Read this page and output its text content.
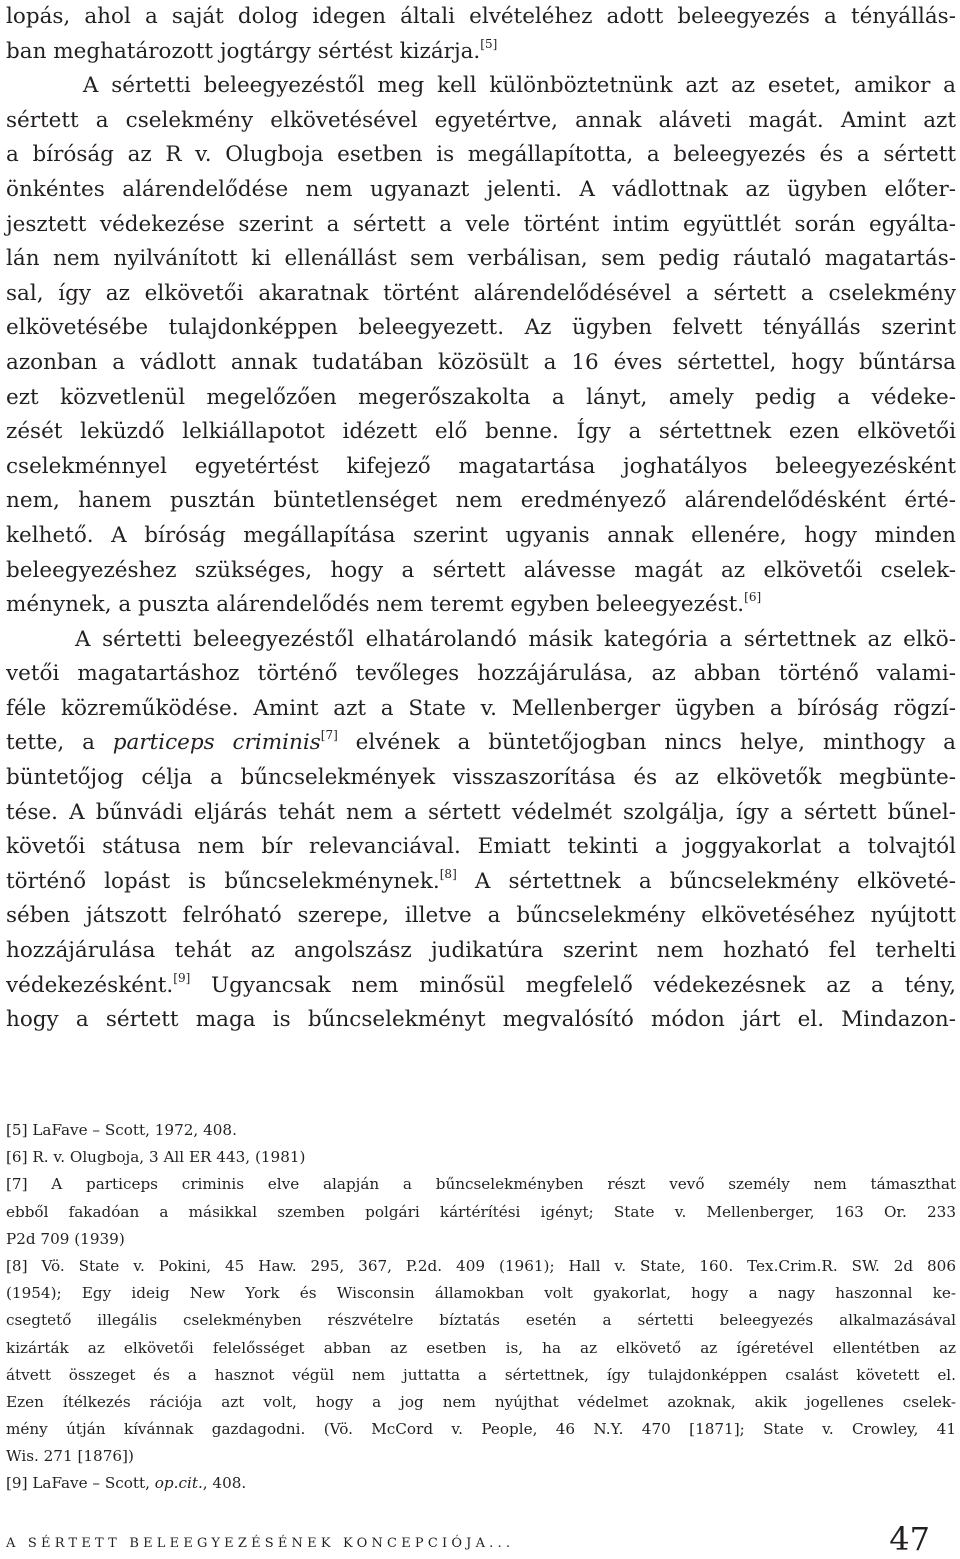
lopás, ahol a saját dolog idegen általi elvételéhez adott beleegyezés a tényállás-
ban meghatározott jogtárgy sértést kizárja.[5]
A sértetti beleegyezéstől meg kell különböztetnünk azt az esetet, amikor a
sértett a cselekmény elkövetésével egyetértve, annak aláveti magát. Amint azt
a bíróság az R v. Olugboja esetben is megállapította, a beleegyezés és a sértett
önkéntes alárendelődése nem ugyanazt jelenti. A vádlottnak az ügyben előter-
jesztett védekezése szerint a sértett a vele történt intim együttlét során egyálta-
lán nem nyilvánított ki ellenállást sem verbálisan, sem pedig ráutaló magatartás-
sal, így az elkövetői akaratnak történt alárendelődésével a sértett a cselekmény
elkövetésébe tulajdonképpen beleegyezett. Az ügyben felvett tényállás szerint
azonban a vádlott annak tudatában közösült a 16 éves sértettel, hogy bűntársa
ezt közvetlenül megelőzően megerőszakolta a lányt, amely pedig a védeke-
zését leküzdő lelkiállapotot idézett elő benne. Így a sértettnek ezen elkövetői
cselekménnyel egyetértést kifejező magatartása joghatályos beleegyezésként
nem, hanem pusztán büntetlenséget nem eredményező alárendelődésként érté-
kelhető. A bíróság megállapítása szerint ugyanis annak ellenére, hogy minden
beleegyezéshez szükséges, hogy a sértett alávesse magát az elkövetői cselek-
ménynek, a puszta alárendelődés nem teremt egyben beleegyezést.[6]
A sértetti beleegyezéstől elhatárolandó másik kategória a sértettnek az elkö-
vetői magatartáshoz történő tevőleges hozzájárulása, az abban történő valami-
féle közreműködése. Amint azt a State v. Mellenberger ügyben a bíróság rögzí-
tette, a particeps criminis[7] elvének a büntetőjogban nincs helye, minthogy a
büntetőjog célja a bűncselekmények visszaszorítása és az elkövetők megbünte-
tése. A bűnvádi eljárás tehát nem a sértett védelmét szolgálja, így a sértett bűnel-
követői státusa nem bír relevanciával. Emiatt tekinti a joggyakorlat a tolvajtól
történő lopást is bűncselekménynek.[8] A sértettnek a bűncselekmény elköveté-
sében játszott felróható szerepe, illetve a bűncselekmény elkövetéséhez nyújtott
hozzájárulása tehát az angolszász judikatúra szerint nem hozható fel terhelti
védekezésként.[9] Ugyancsak nem minősül megfelelő védekezésnek az a tény,
hogy a sértett maga is bűncselekményt megvalósító módon járt el. Mindazon-
[5] LaFave – Scott, 1972, 408.
[6] R. v. Olugboja, 3 All ER 443, (1981)
[7] A particeps criminis elve alapján a bűncselekményben részt vevő személy nem támaszthat
ebből fakadóan a másikkal szemben polgári kártérítési igényt; State v. Mellenberger, 163 Or. 233
P2d 709 (1939)
[8] Vö. State v. Pokini, 45 Haw. 295, 367, P.2d. 409 (1961); Hall v. State, 160. Tex.Crim.R. SW. 2d 806
(1954); Egy ideig New York és Wisconsin államokban volt gyakorlat, hogy a nagy haszonnal ke-
csegtető illegális cselekményben részvételre bíztatás esetén a sértetti beleegyezés alkalmazásával
kizárták az elkövetői felelősséget abban az esetben is, ha az elkövető az ígéretével ellentétben az
átvett összeget és a hasznot végül nem juttatta a sértettnek, így tulajdonképpen csalást követett el.
Ezen ítélkezés rációja azt volt, hogy a jog nem nyújthat védelmet azoknak, akik jogellenes cselek-
mény útján kívánnak gazdagodni. (Vö. McCord v. People, 46 N.Y. 470 [1871]; State v. Crowley, 41
Wis. 271 [1876])
[9] LaFave – Scott, op.cit., 408.
A SÉRTETT BELEEGYEZÉSÉNEK KONCEPCIÓJA...	47
